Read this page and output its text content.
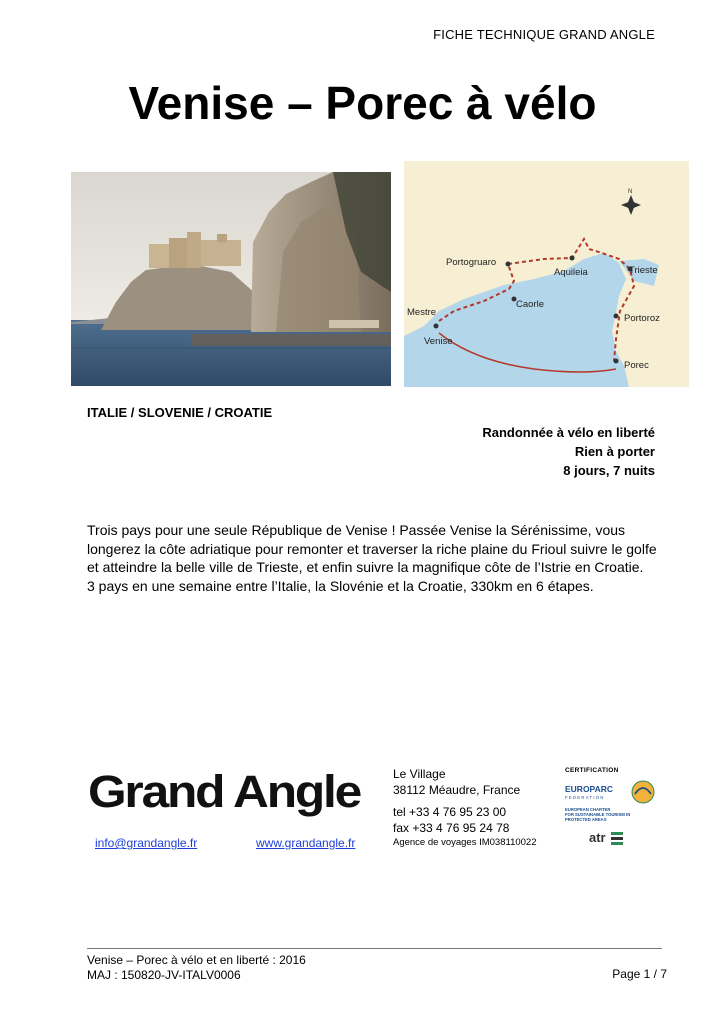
FICHE TECHNIQUE GRAND ANGLE
Venise – Porec à vélo
N
Portogruaro
Aquileia	Trieste
Caorle
Mestre
Portoroz
Venise
Porec
ITALIE / SLOVENIE / CROATIE
Randonnée à vélo en liberté
Rien à porter
8 jours, 7 nuits

Trois pays pour une seule République de Venise ! Passée Venise la Sérénissime, vous longerez la côte adriatique pour remonter et traverser la riche plaine du Frioul suivre le golfe et atteindre la belle ville de Trieste, et enfin suivre la magnifique côte de l’Istrie en Croatie.

3 pays en une semaine entre l’Italie, la Slovénie et la Croatie, 330km en 6 étapes.

Grand Angle	Le Village
38112 Méaudre, France
tel +33 4 76 95 23 00
fax +33 4 76 95 24 78
Agence de voyages IM038110022
info@grandangle.fr	www.grandangle.fr
CERTIFICATION
EUROPARC
FEDERATION
EUROPEAN CHARTER
FOR SUSTAINABLE TOURISM IN
PROTECTED AREAS

atr
Venise – Porec à vélo et en liberté : 2016
MAJ : 150820-JV-ITALV0006	Page 1 / 7
